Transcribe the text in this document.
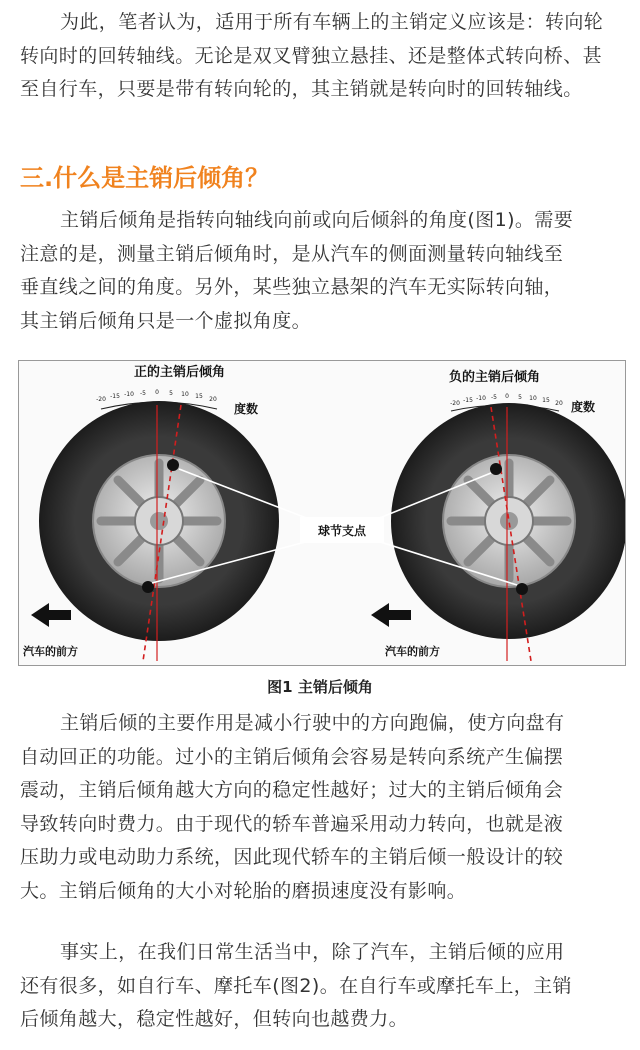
为此，笔者认为，适用于所有车辆上的主销定义应该是：转向轮
转向时的回转轴线。无论是双叉臂独立悬挂、还是整体式转向桥、甚
至自行车，只要是带有转向轮的，其主销就是转向时的回转轴线。

三.什么是主销后倾角？

主销后倾角是指转向轴线向前或向后倾斜的角度(图1)。需要
注意的是，测量主销后倾角时，是从汽车的侧面测量转向轴线至
垂直线之间的角度。另外，某些独立悬架的汽车无实际转向轴，
其主销后倾角只是一个虚拟角度。

正的主销后倾角	负的主销后倾角
-20 -15 -10 -5 0 5 10 15 20
度数	-20 -15 -10 -5 0 5 10 15 20 度数
球节支点
汽车的前方	汽车的前方
图1 主销后倾角

主销后倾的主要作用是减小行驶中的方向跑偏，使方向盘有
自动回正的功能。过小的主销后倾角会容易是转向系统产生偏摆
震动，主销后倾角越大方向的稳定性越好；过大的主销后倾角会
导致转向时费力。由于现代的轿车普遍采用动力转向，也就是液
压助力或电动助力系统，因此现代轿车的主销后倾一般设计的较
大。主销后倾角的大小对轮胎的磨损速度没有影响。

事实上，在我们日常生活当中，除了汽车，主销后倾的应用
还有很多，如自行车、摩托车(图2)。在自行车或摩托车上，主销
后倾角越大，稳定性越好，但转向也越费力。
